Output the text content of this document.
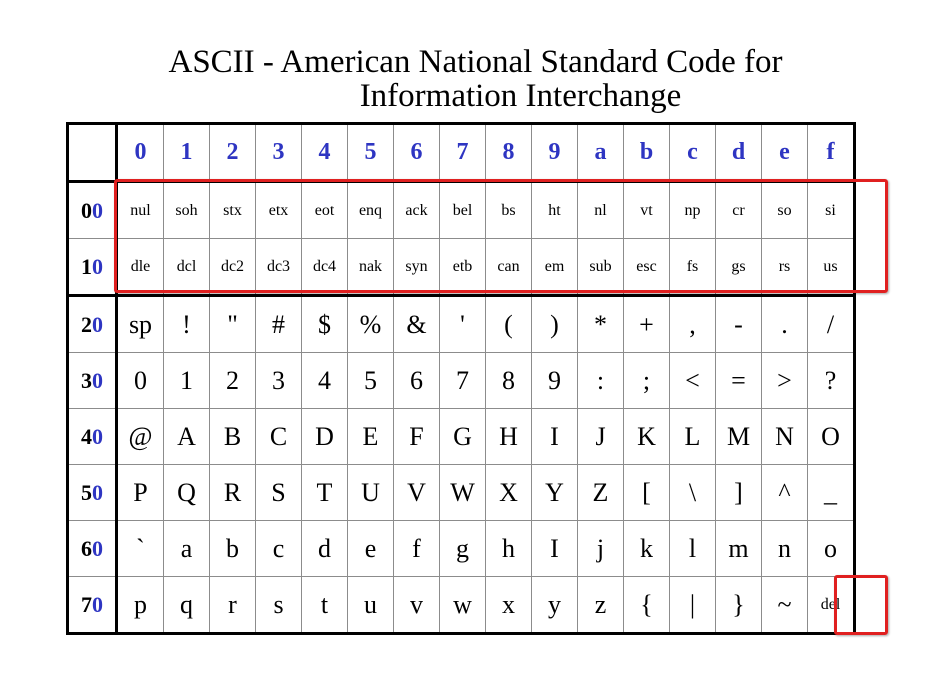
ASCII - American National Standard Code for
Information Interchange
	0	1	2	3	4	5	6	7	8	9	a	b	c	d	e	f
00	nul	soh	stx	etx	eot	enq	ack	bel	bs	ht	nl	vt	np	cr	so	si
10	dle	dcl	dc2	dc3	dc4	nak	syn	etb	can	em	sub	esc	fs	gs	rs	us
20	sp	!	"	#	$	%	&	'	(	)	*	+	,	-	.	/
30	0	1	2	3	4	5	6	7	8	9	:	;	<	=	>	?
40	@	A	B	C	D	E	F	G	H	I	J	K	L	M	N	O
50	P	Q	R	S	T	U	V	W	X	Y	Z	[	\	]	^	_
60	`	a	b	c	d	e	f	g	h	I	j	k	l	m	n	o
70	p	q	r	s	t	u	v	w	x	y	z	{	|	}	~	del
